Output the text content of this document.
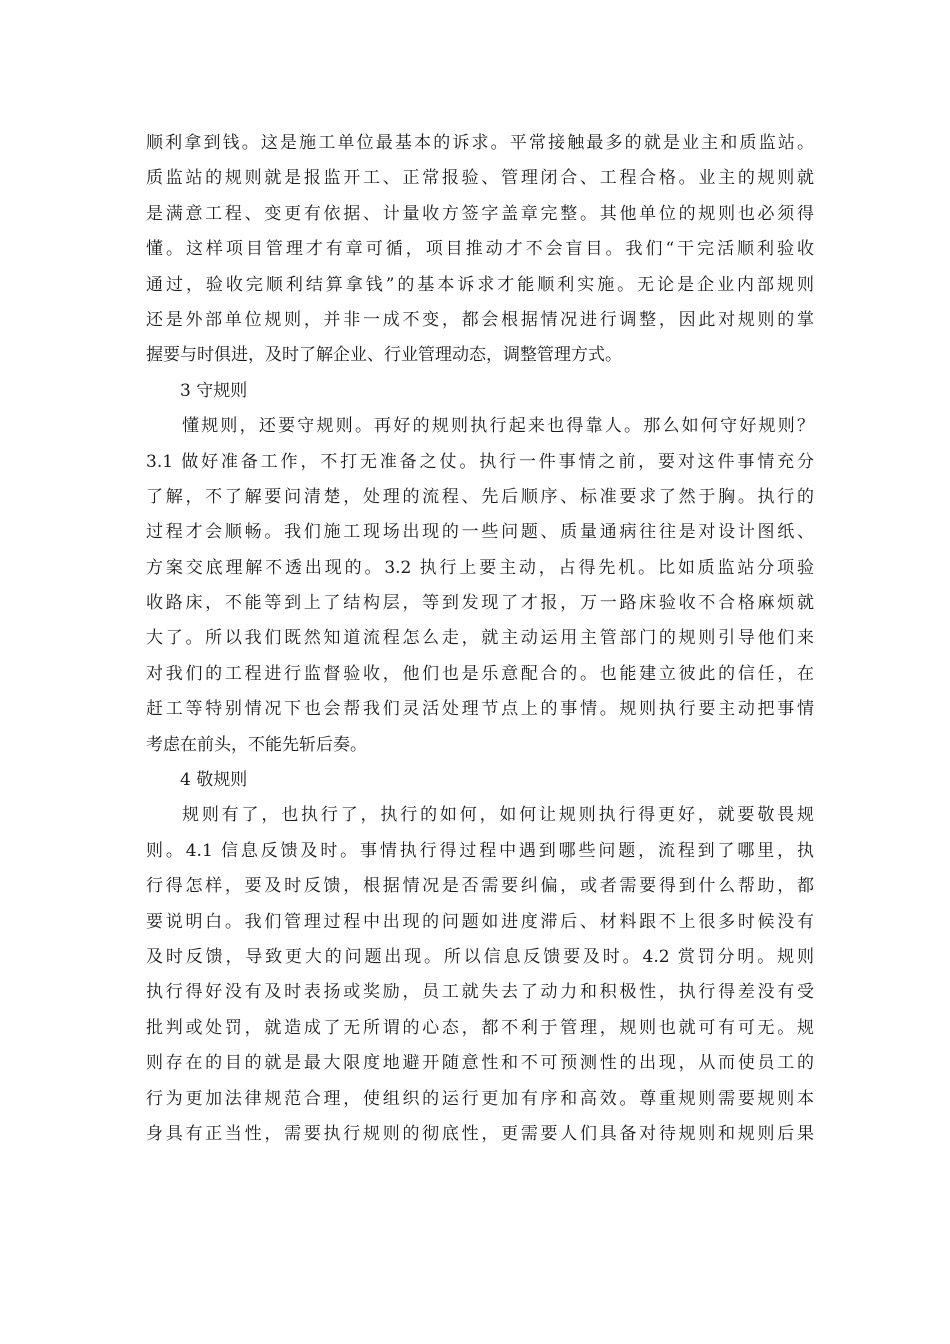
顺利拿到钱。这是施工单位最基本的诉求。平常接触最多的就是业主和质监站。
质监站的规则就是报监开工、正常报验、管理闭合、工程合格。业主的规则就
是满意工程、变更有依据、计量收方签字盖章完整。其他单位的规则也必须得
懂。这样项目管理才有章可循，项目推动才不会盲目。我们“干完活顺利验收
通过，验收完顺利结算拿钱”的基本诉求才能顺利实施。无论是企业内部规则
还是外部单位规则，并非一成不变，都会根据情况进行调整，因此对规则的掌
握要与时俱进，及时了解企业、行业管理动态，调整管理方式。
3 守规则
懂规则，还要守规则。再好的规则执行起来也得靠人。那么如何守好规则？
3.1 做好准备工作，不打无准备之仗。执行一件事情之前，要对这件事情充分
了解，不了解要问清楚，处理的流程、先后顺序、标准要求了然于胸。执行的
过程才会顺畅。我们施工现场出现的一些问题、质量通病往往是对设计图纸、
方案交底理解不透出现的。3.2 执行上要主动，占得先机。比如质监站分项验
收路床，不能等到上了结构层，等到发现了才报，万一路床验收不合格麻烦就
大了。所以我们既然知道流程怎么走，就主动运用主管部门的规则引导他们来
对我们的工程进行监督验收，他们也是乐意配合的。也能建立彼此的信任，在
赶工等特别情况下也会帮我们灵活处理节点上的事情。规则执行要主动把事情
考虑在前头，不能先斩后奏。
4 敬规则
规则有了，也执行了，执行的如何，如何让规则执行得更好，就要敬畏规
则。4.1 信息反馈及时。事情执行得过程中遇到哪些问题，流程到了哪里，执
行得怎样，要及时反馈，根据情况是否需要纠偏，或者需要得到什么帮助，都
要说明白。我们管理过程中出现的问题如进度滞后、材料跟不上很多时候没有
及时反馈，导致更大的问题出现。所以信息反馈要及时。4.2 赏罚分明。规则
执行得好没有及时表扬或奖励，员工就失去了动力和积极性，执行得差没有受
批判或处罚，就造成了无所谓的心态，都不利于管理，规则也就可有可无。规
则存在的目的就是最大限度地避开随意性和不可预测性的出现，从而使员工的
行为更加法律规范合理，使组织的运行更加有序和高效。尊重规则需要规则本
身具有正当性，需要执行规则的彻底性，更需要人们具备对待规则和规则后果
